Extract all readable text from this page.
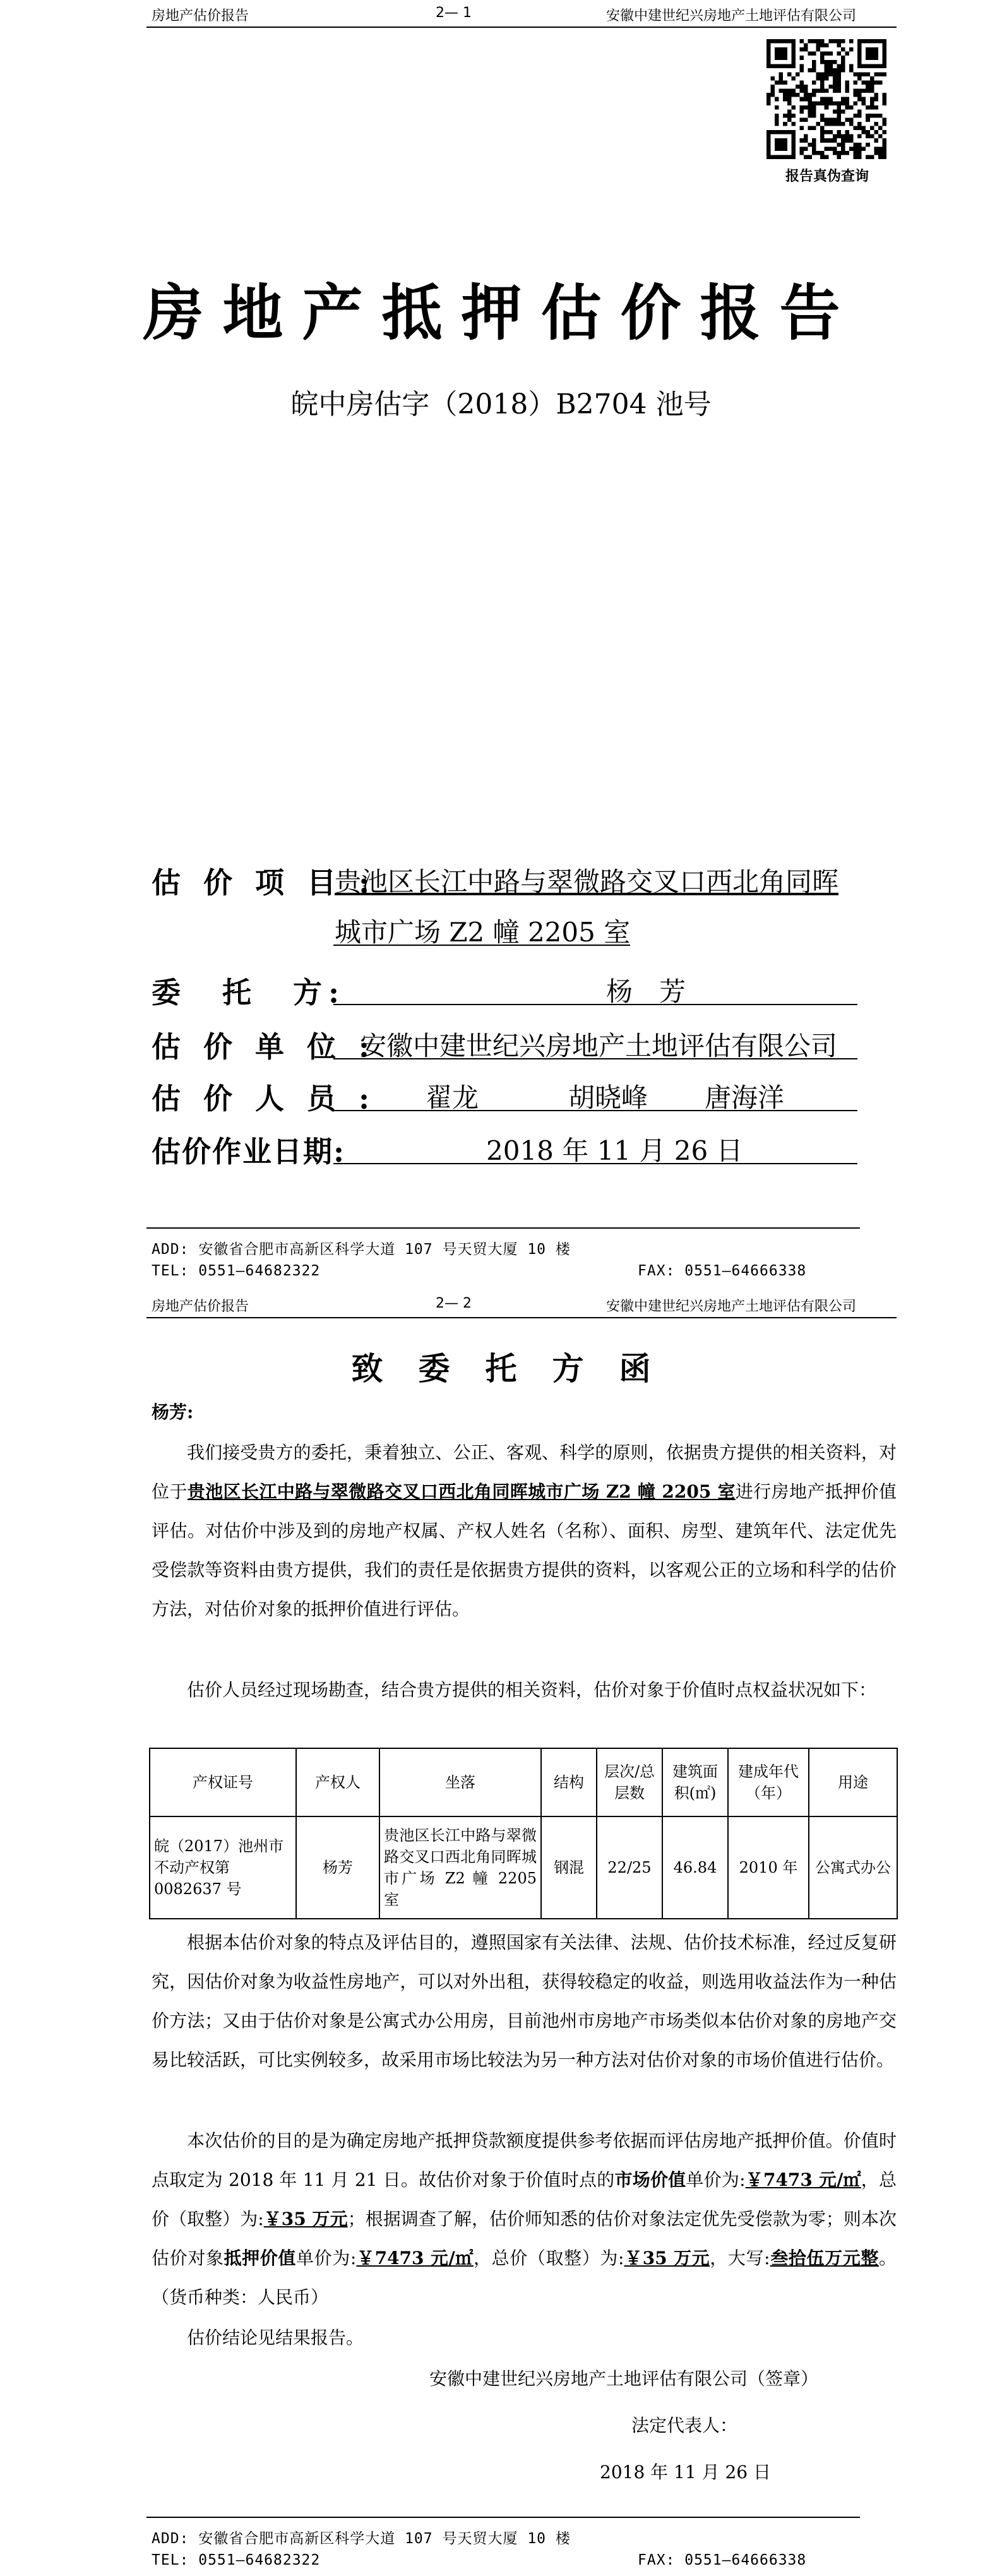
房地产估价报告	2— 1	安徽中建世纪兴房地产土地评估有限公司
报告真伪查询
房地产抵押估价报告
皖中房估字（2018）B2704 池号
估 价 项 目 :
贵池区长江中路与翠微路交叉口西北角同晖
城市广场 Z2 幢 2205 室
委　托　方:	杨　芳
估 价 单 位 :
安徽中建世纪兴房地产土地评估有限公司
估 价 人 员 : 翟龙	胡晓峰 唐海洋
估价作业日期:	2018 年 11 月 26 日
ADD: 安徽省合肥市高新区科学大道 107 号天贸大厦 10 楼
TEL: 0551—64682322	FAX: 0551—64666338
房地产估价报告	2— 2	安徽中建世纪兴房地产土地评估有限公司
致委托方函
杨芳:
我们接受贵方的委托，秉着独立、公正、客观、科学的原则，依据贵方提供的相关资料，对位于贵池区长江中路与翠微路交叉口西北角同晖城市广场 Z2 幢 2205 室进行房地产抵押价值评估。对估价中涉及到的房地产权属、产权人姓名（名称）、面积、房型、建筑年代、法定优先受偿款等资料由贵方提供，我们的责任是依据贵方提供的资料，以客观公正的立场和科学的估价方法，对估价对象的抵押价值进行评估。
估价人员经过现场勘查，结合贵方提供的相关资料，估价对象于价值时点权益状况如下：
产权证号	产权人	坐落	结构	层次/总层数	建筑面积(㎡)	建成年代（年）	用途
皖（2017）池州市不动产权第 0082637 号	杨芳	贵池区长江中路与翠微路交叉口西北角同晖城市广场 Z2 幢 2205 室	钢混	22/25	46.84	2010 年	公寓式办公
根据本估价对象的特点及评估目的，遵照国家有关法律、法规、估价技术标准，经过反复研究，因估价对象为收益性房地产，可以对外出租，获得较稳定的收益，则选用收益法作为一种估价方法；又由于估价对象是公寓式办公用房，目前池州市房地产市场类似本估价对象的房地产交易比较活跃，可比实例较多，故采用市场比较法为另一种方法对估价对象的市场价值进行估价。
本次估价的目的是为确定房地产抵押贷款额度提供参考依据而评估房地产抵押价值。价值时点取定为 2018 年 11 月 21 日。故估价对象于价值时点的市场价值单价为:￥7473 元/㎡，总价（取整）为:￥35 万元；根据调查了解，估价师知悉的估价对象法定优先受偿款为零；则本次估价对象抵押价值单价为:￥7473 元/㎡，总价（取整）为:￥35 万元，大写:叁拾伍万元整。（货币种类：人民币）
估价结论见结果报告。
安徽中建世纪兴房地产土地评估有限公司（签章）
法定代表人：
2018 年 11 月 26 日
ADD: 安徽省合肥市高新区科学大道 107 号天贸大厦 10 楼
TEL: 0551—64682322	FAX: 0551—64666338
